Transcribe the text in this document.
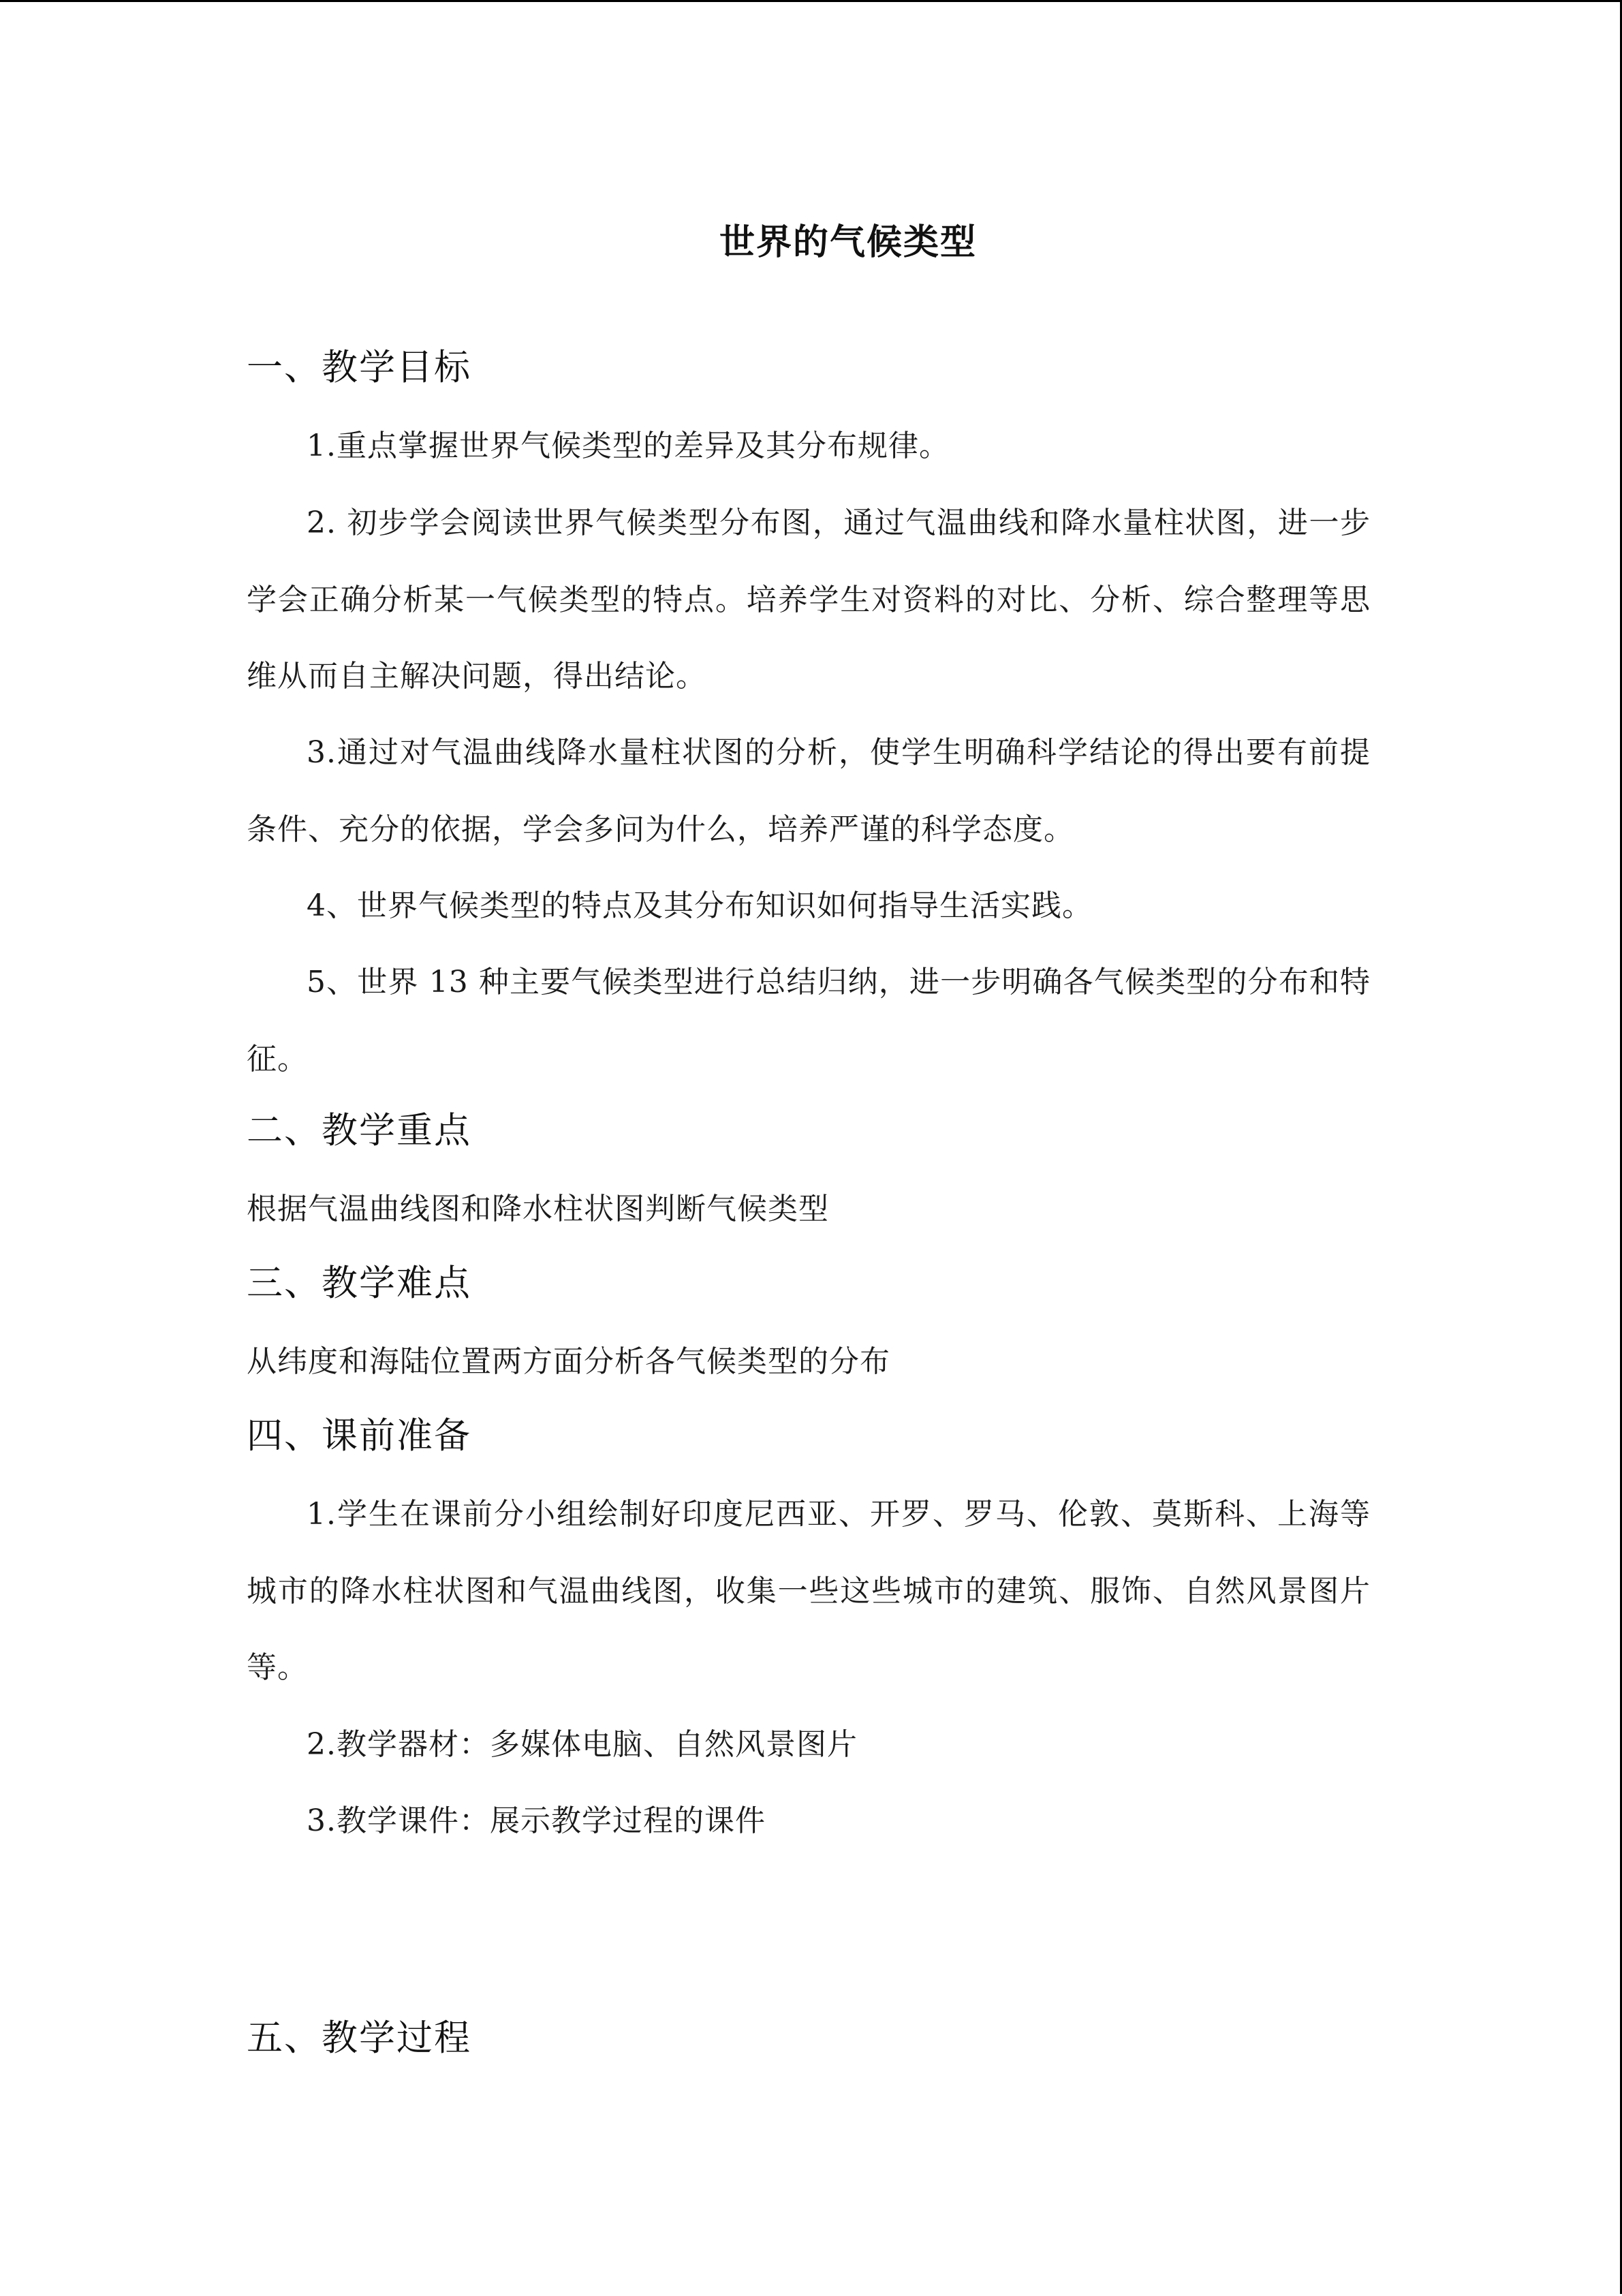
世界的气候类型
一、教学目标

1.重点掌握世界气候类型的差异及其分布规律。

2. 初步学会阅读世界气候类型分布图，通过气温曲线和降水量柱状图，进一步学会正确分析某一气候类型的特点。培养学生对资料的对比、分析、综合整理等思维从而自主解决问题，得出结论。

3.通过对气温曲线降水量柱状图的分析，使学生明确科学结论的得出要有前提条件、充分的依据，学会多问为什么，培养严谨的科学态度。

4、世界气候类型的特点及其分布知识如何指导生活实践。

5、世界 13 种主要气候类型进行总结归纳，进一步明确各气候类型的分布和特征。

二、教学重点

根据气温曲线图和降水柱状图判断气候类型

三、教学难点

从纬度和海陆位置两方面分析各气候类型的分布

四、课前准备

1.学生在课前分小组绘制好印度尼西亚、开罗、罗马、伦敦、莫斯科、上海等城市的降水柱状图和气温曲线图，收集一些这些城市的建筑、服饰、自然风景图片等。

2.教学器材：多媒体电脑、自然风景图片

3.教学课件：展示教学过程的课件

五、教学过程
